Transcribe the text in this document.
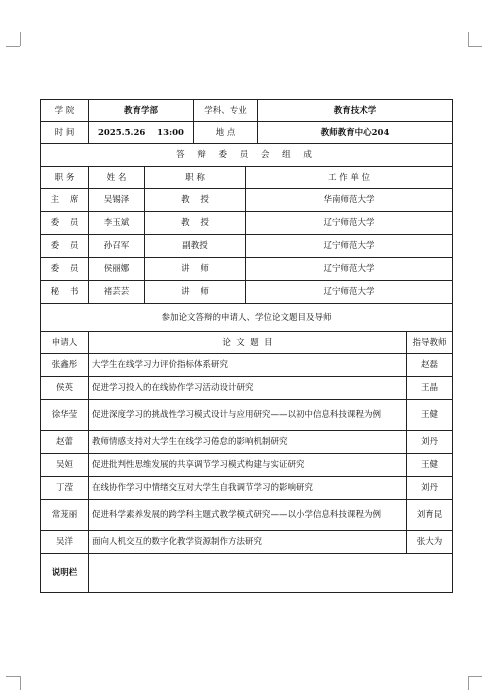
学 院	教育学部		学科、专业		教育技术学	
时 间	2025.5.26    13:00		地 点		教师教育中心204	
答 辩 委 员 会 组 成						
职 务	姓 名	职 称		工 作 单 位		
主    席	吴锡泽	教    授		华南师范大学		
委    员	李玉斌	教    授		辽宁师范大学		
委    员	孙召军	副教授		辽宁师范大学		
委    员	侯丽娜	讲    师		辽宁师范大学		
秘    书	褚芸芸	讲    师		辽宁师范大学		
参加论文答辩的申请人、学位论文题目及导师						
申请人	论  文  题  目					指导教师
张鑫彤	大学生在线学习力评价指标体系研究					赵磊
侯英	促进学习投入的在线协作学习活动设计研究					王晶
徐华莹	促进深度学习的挑战性学习模式设计与应用研究——以初中信息科技课程为例					王健
赵蕾	教师情感支持对大学生在线学习倦怠的影响机制研究					刘丹
吴姮	促进批判性思维发展的共享调节学习模式构建与实证研究					王健
丁滢	在线协作学习中情绪交互对大学生自我调节学习的影响研究					刘丹
常茏丽	促进科学素养发展的跨学科主题式教学模式研究——以小学信息科技课程为例					刘育昆
吴洋	面向人机交互的数字化教学资源制作方法研究					张大为
说明栏						
